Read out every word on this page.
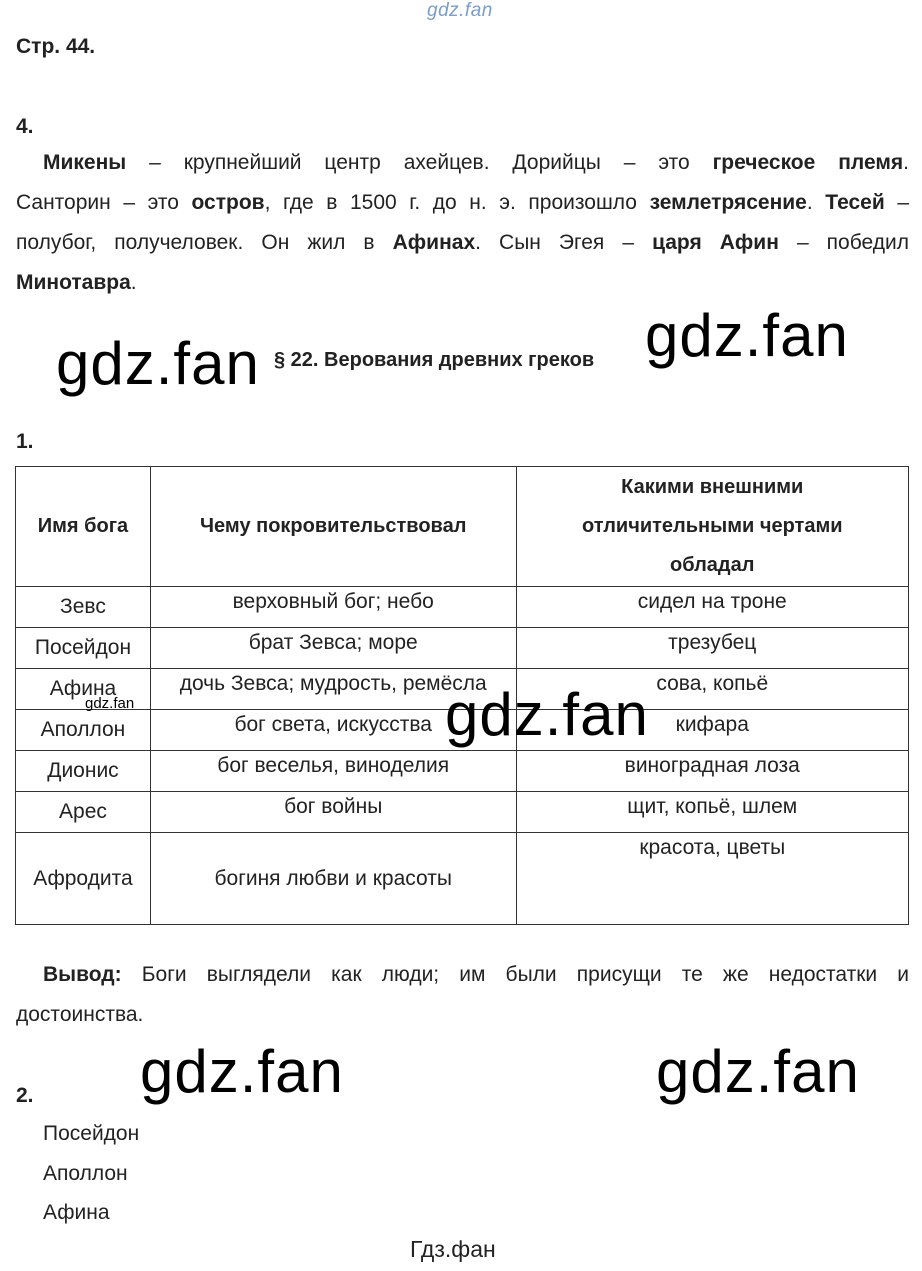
gdz.fan
Стр. 44.
4.
Микены – крупнейший центр ахейцев. Дорийцы – это греческое племя.
Санторин – это остров, где в 1500 г. до н. э. произошло землетрясение. Тесей –
полубог, получеловек. Он жил в Афинах. Сын Эгея – царя Афин – победил
Минотавра.
gdz.fan
gdz.fan § 22. Верования древних греков
1.
Имя бога	Чему покровительствовал	Какими внешними
отличительными чертами
обладал

Зевс	верховный бог; небо	сидел на троне
Посейдон	брат Зевса; море	трезубец
Афина	дочь Зевса; мудрость, ремёсла	сова, копьё
Аполлон	бог света, искусства	кифара
Дионис	бог веселья, виноделия	виноградная лоза
Арес	бог войны	щит, копьё, шлем
Афродита	богиня любви и красоты	красота, цветы
gdz.fan	gdz.fan
Вывод: Боги выглядели как люди; им были присущи те же недостатки и
достоинства.
gdz.fan	gdz.fan
2.
Посейдон
Аполлон
Афина
Гдз.фан
